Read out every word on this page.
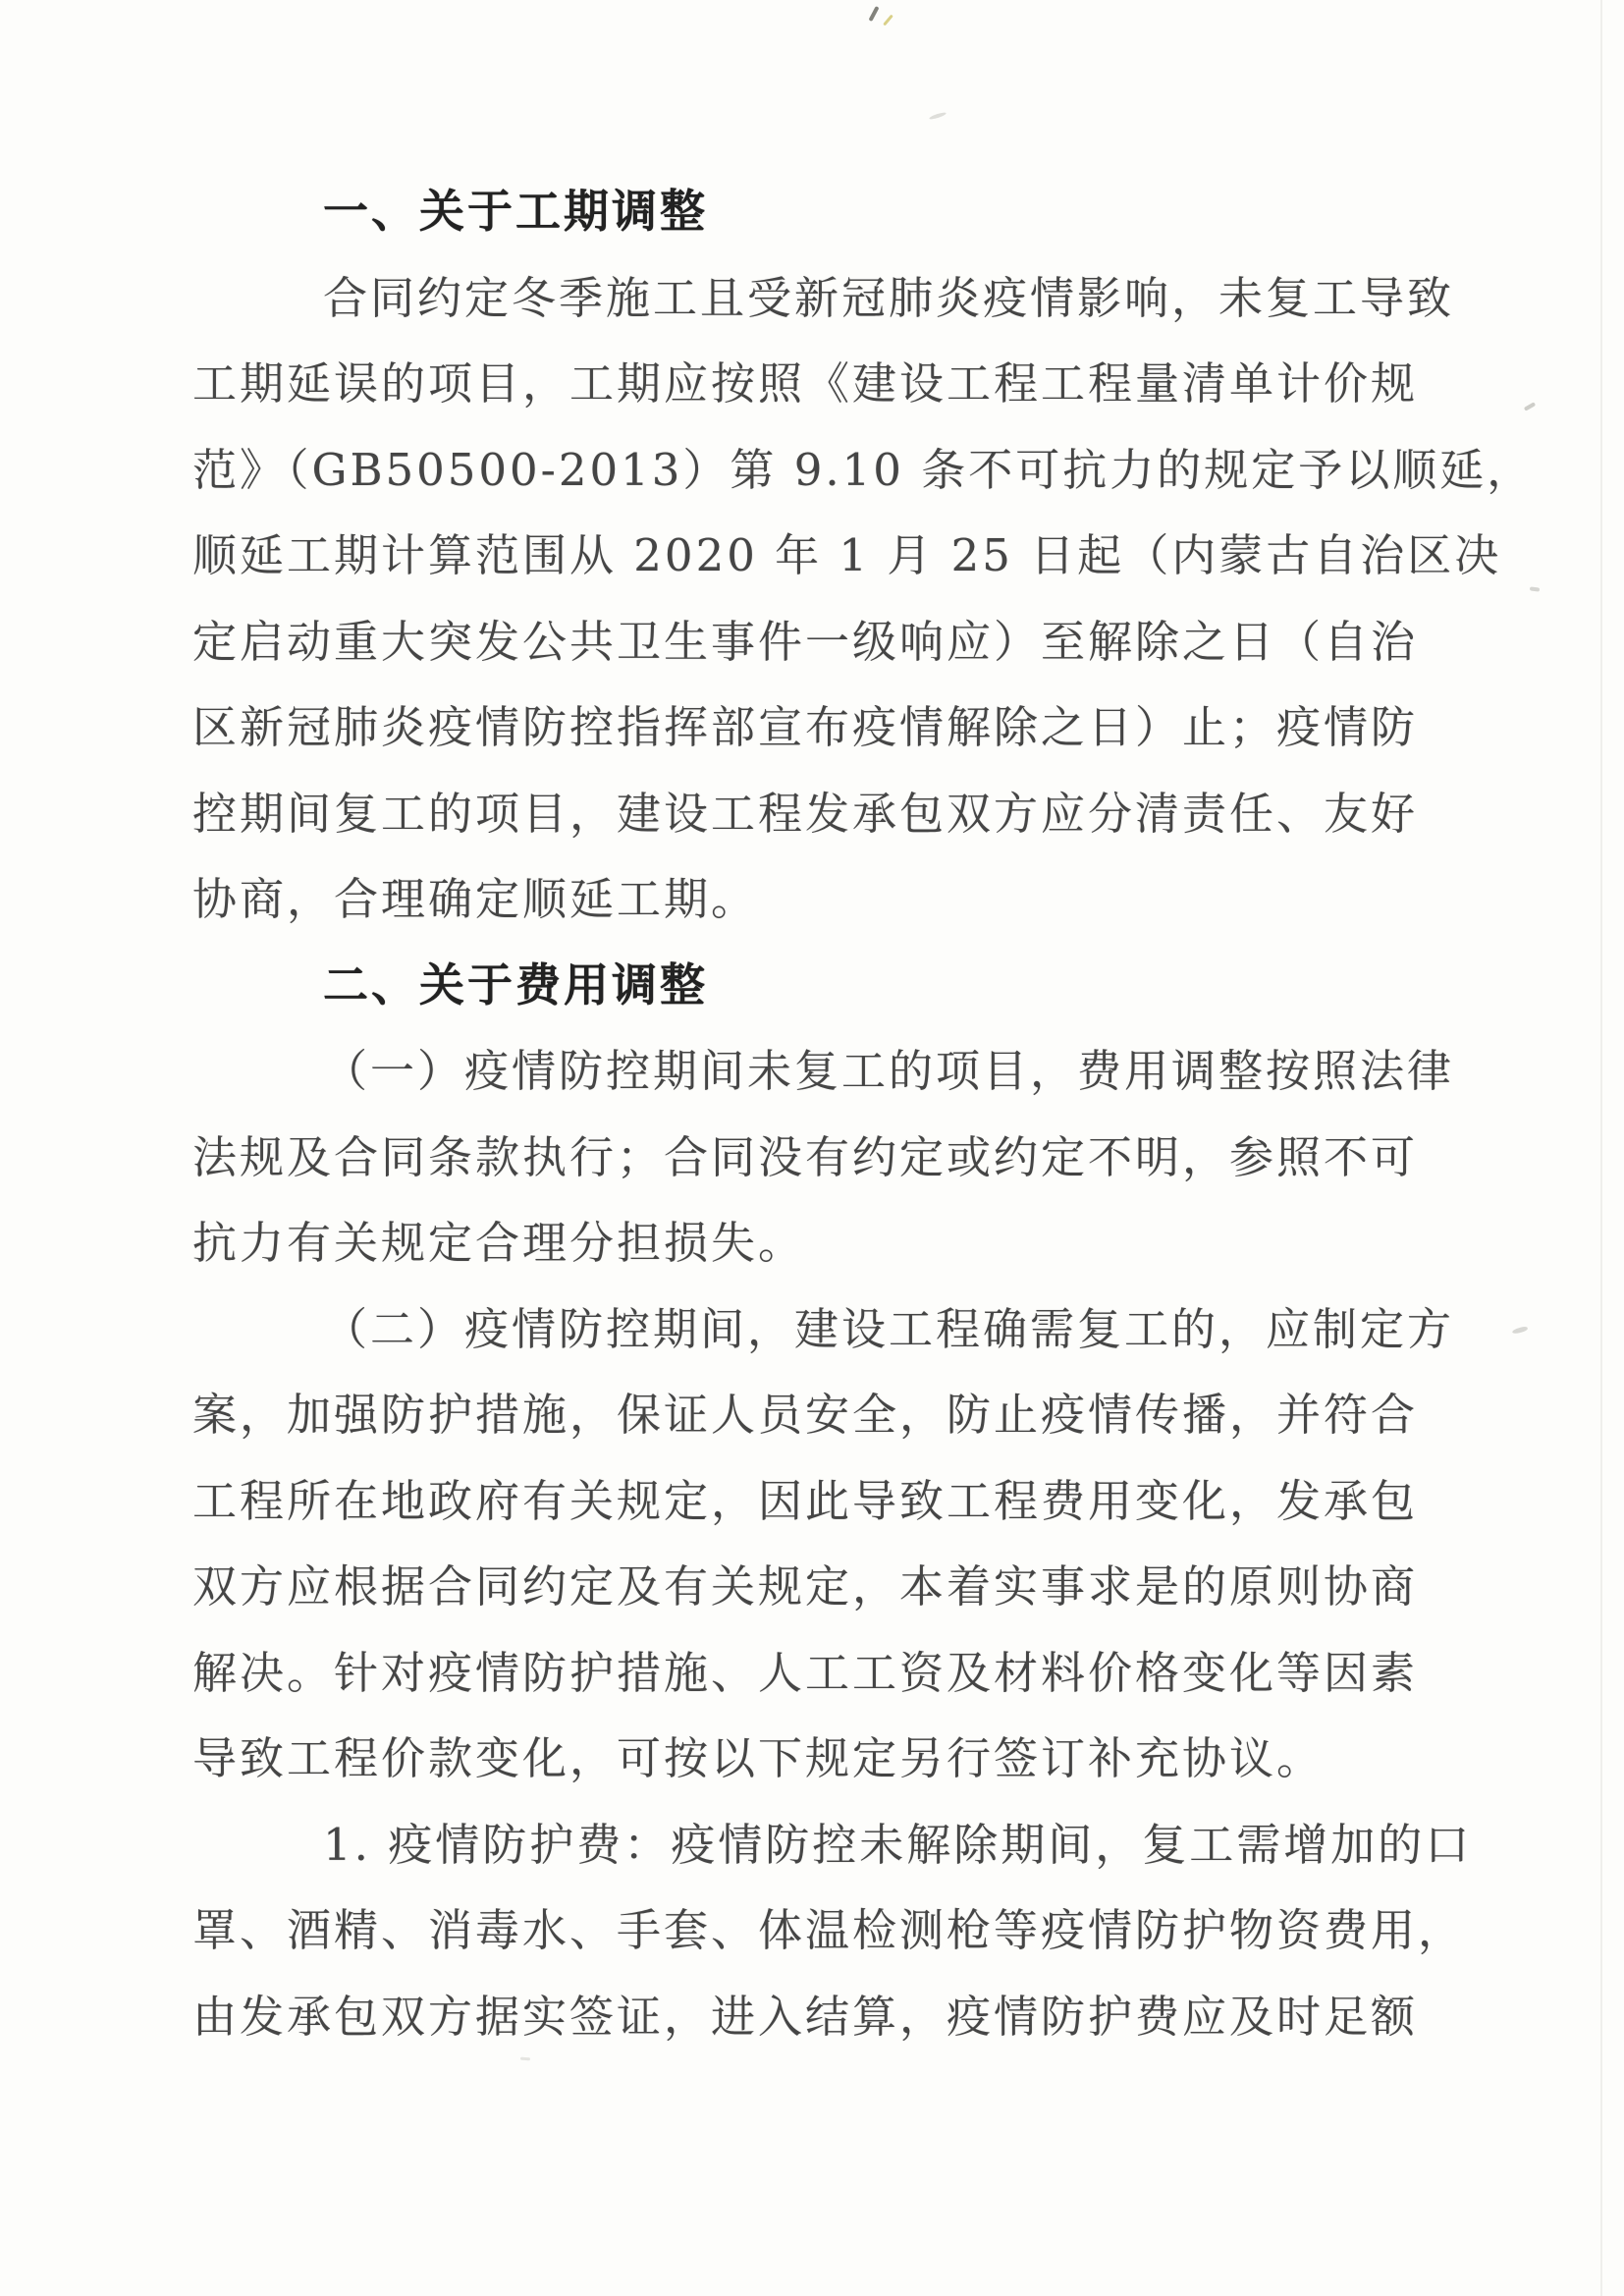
一、关于工期调整
合同约定冬季施工且受新冠肺炎疫情影响，未复工导致
工期延误的项目，工期应按照《建设工程工程量清单计价规
范》（GB50500-2013）第 9.10 条不可抗力的规定予以顺延，
顺延工期计算范围从 2020 年 1 月 25 日起（内蒙古自治区决
定启动重大突发公共卫生事件一级响应）至解除之日（自治
区新冠肺炎疫情防控指挥部宣布疫情解除之日）止；疫情防
控期间复工的项目，建设工程发承包双方应分清责任、友好
协商，合理确定顺延工期。
二、关于费用调整
（一）疫情防控期间未复工的项目，费用调整按照法律
法规及合同条款执行；合同没有约定或约定不明，参照不可
抗力有关规定合理分担损失。
（二）疫情防控期间，建设工程确需复工的，应制定方
案，加强防护措施，保证人员安全，防止疫情传播，并符合
工程所在地政府有关规定，因此导致工程费用变化，发承包
双方应根据合同约定及有关规定，本着实事求是的原则协商
解决。针对疫情防护措施、人工工资及材料价格变化等因素
导致工程价款变化，可按以下规定另行签订补充协议。
1. 疫情防护费：疫情防控未解除期间，复工需增加的口
罩、酒精、消毒水、手套、体温检测枪等疫情防护物资费用，
由发承包双方据实签证，进入结算，疫情防护费应及时足额
